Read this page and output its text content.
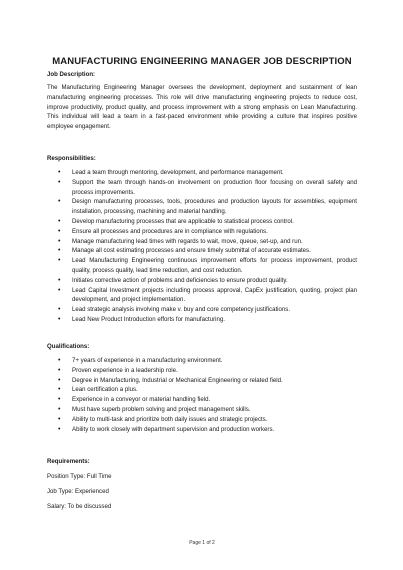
MANUFACTURING ENGINEERING MANAGER JOB DESCRIPTION
Job Description:
The Manufacturing Engineering Manager oversees the development, deployment and sustainment of lean manufacturing engineering processes. This role will drive manufacturing engineering projects to reduce cost, improve productivity, product quality, and process improvement with a strong emphasis on Lean Manufacturing. This individual will lead a team in a fast-paced environment while providing a culture that inspires positive employee engagement.
Responsibilities:
• Lead a team through mentoring, development, and performance management.
• Support the team through hands-on involvement on production floor focusing on overall safety and process improvements.
• Design manufacturing processes, tools, procedures and production layouts for assemblies, equipment installation, processing, machining and material handling.
• Develop manufacturing processes that are applicable to statistical process control.
• Ensure all processes and procedures are in compliance with regulations.
• Manage manufacturing lead times with regards to wait, move, queue, set-up, and run.
• Manage all cost estimating processes and ensure timely submittal of accurate estimates.
• Lead Manufacturing Engineering continuous improvement efforts for process improvement, product quality, process quality, lead time reduction, and cost reduction.
• Initiates corrective action of problems and deficiencies to ensure product quality.
• Lead Capital Investment projects including process approval, CapEx justification, quoting, project plan development, and project implementation.
• Lead strategic analysis involving make v. buy and core competency justifications.
• Lead New Product Introduction efforts for manufacturing.
Qualifications:
• 7+ years of experience in a manufacturing environment.
• Proven experience in a leadership role.
• Degree in Manufacturing, Industrial or Mechanical Engineering or related field.
• Lean certification a plus.
• Experience in a conveyor or material handling field.
• Must have superb problem solving and project management skills.
• Ability to multi-task and prioritize both daily issues and strategic projects.
• Ability to work closely with department supervision and production workers.
Requirements:
Position Type: Full Time
Job Type: Experienced
Salary: To be discussed
Page 1 of 2
